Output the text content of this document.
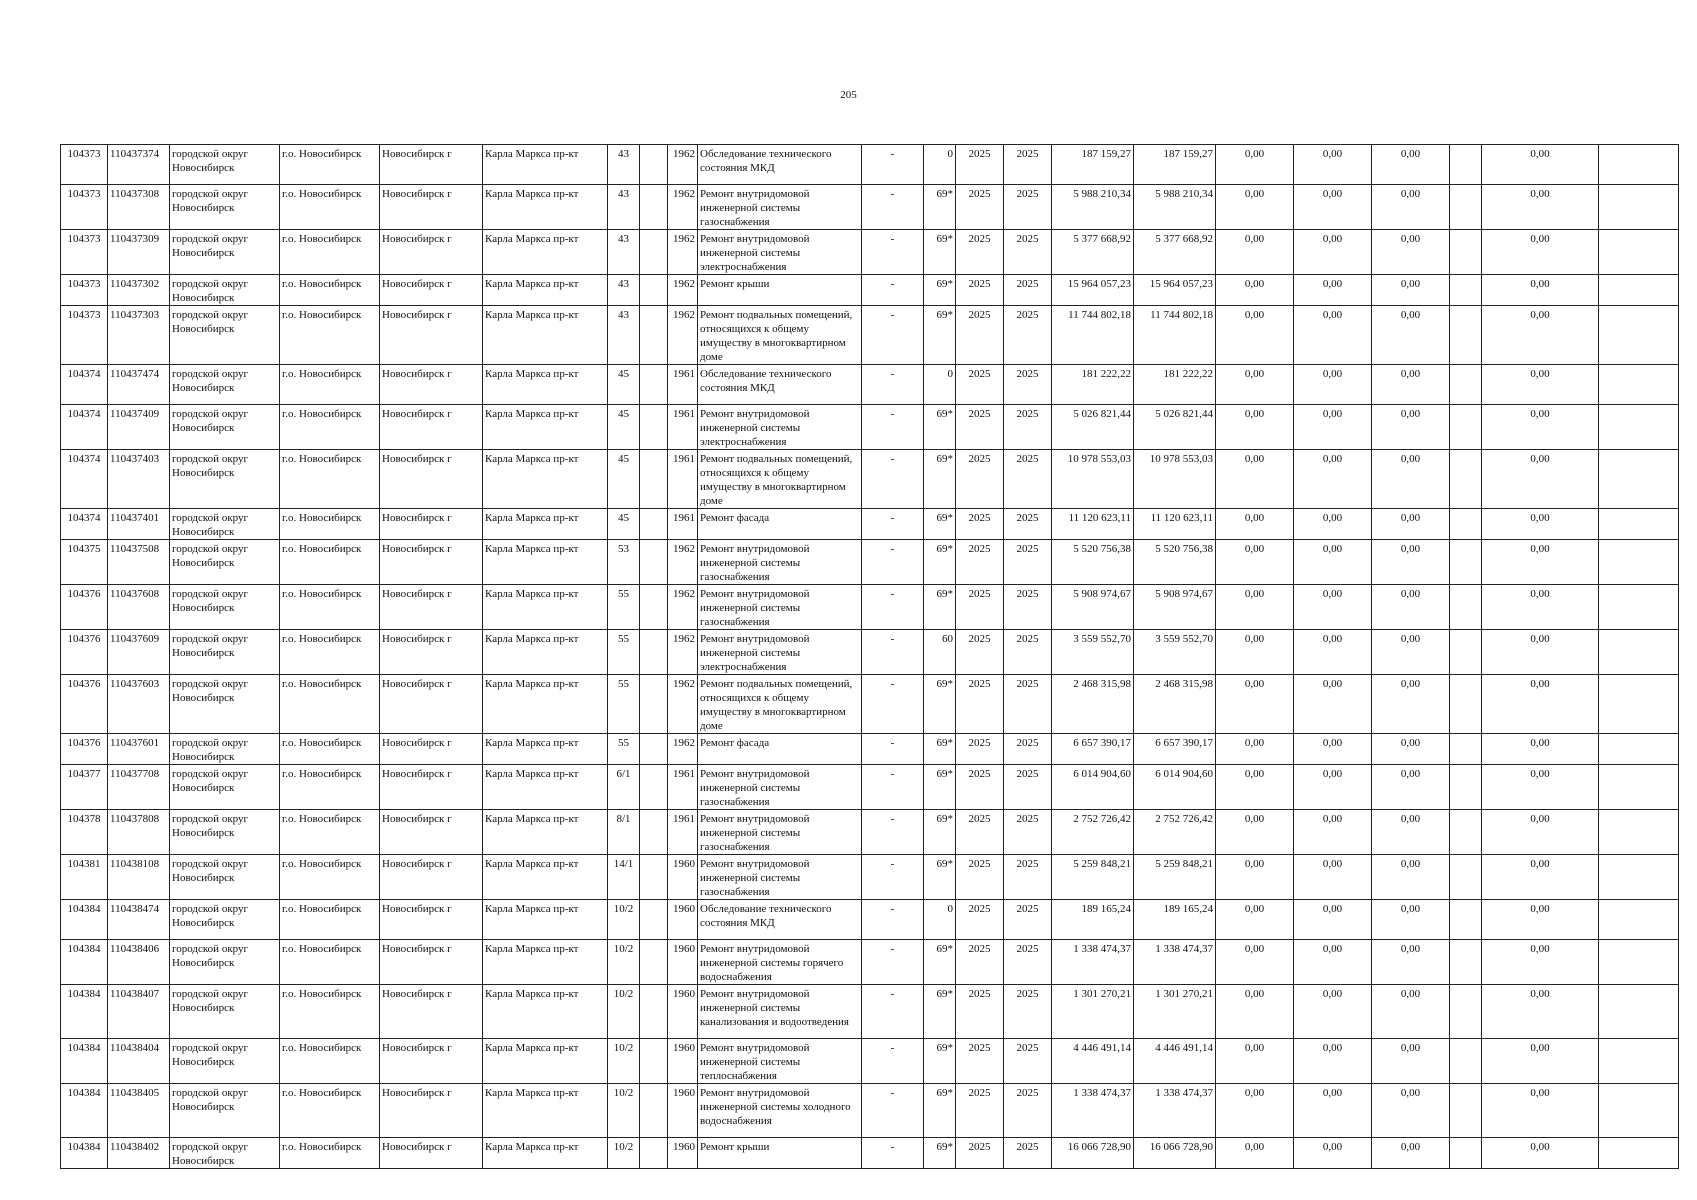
205
104373	110437374	городской округ Новосибирск	г.о. Новосибирск	Новосибирск г	Карла Маркса пр-кт	43		1962	Обследование технического состояния МКД	-	0	2025	2025	187 159,27	187 159,27	0,00	0,00	0,00		0,00	
104373	110437308	городской округ Новосибирск	г.о. Новосибирск	Новосибирск г	Карла Маркса пр-кт	43		1962	Ремонт внутридомовой инженерной системы газоснабжения	-	69*	2025	2025	5 988 210,34	5 988 210,34	0,00	0,00	0,00		0,00	
104373	110437309	городской округ Новосибирск	г.о. Новосибирск	Новосибирск г	Карла Маркса пр-кт	43		1962	Ремонт внутридомовой инженерной системы электроснабжения	-	69*	2025	2025	5 377 668,92	5 377 668,92	0,00	0,00	0,00		0,00	
104373	110437302	городской округ Новосибирск	г.о. Новосибирск	Новосибирск г	Карла Маркса пр-кт	43		1962	Ремонт крыши	-	69*	2025	2025	15 964 057,23	15 964 057,23	0,00	0,00	0,00		0,00	
104373	110437303	городской округ Новосибирск	г.о. Новосибирск	Новосибирск г	Карла Маркса пр-кт	43		1962	Ремонт подвальных помещений, относящихся к общему имуществу в многоквартирном доме	-	69*	2025	2025	11 744 802,18	11 744 802,18	0,00	0,00	0,00		0,00	
104374	110437474	городской округ Новосибирск	г.о. Новосибирск	Новосибирск г	Карла Маркса пр-кт	45		1961	Обследование технического состояния МКД	-	0	2025	2025	181 222,22	181 222,22	0,00	0,00	0,00		0,00	
104374	110437409	городской округ Новосибирск	г.о. Новосибирск	Новосибирск г	Карла Маркса пр-кт	45		1961	Ремонт внутридомовой инженерной системы электроснабжения	-	69*	2025	2025	5 026 821,44	5 026 821,44	0,00	0,00	0,00		0,00	
104374	110437403	городской округ Новосибирск	г.о. Новосибирск	Новосибирск г	Карла Маркса пр-кт	45		1961	Ремонт подвальных помещений, относящихся к общему имуществу в многоквартирном доме	-	69*	2025	2025	10 978 553,03	10 978 553,03	0,00	0,00	0,00		0,00	
104374	110437401	городской округ Новосибирск	г.о. Новосибирск	Новосибирск г	Карла Маркса пр-кт	45		1961	Ремонт фасада	-	69*	2025	2025	11 120 623,11	11 120 623,11	0,00	0,00	0,00		0,00	
104375	110437508	городской округ Новосибирск	г.о. Новосибирск	Новосибирск г	Карла Маркса пр-кт	53		1962	Ремонт внутридомовой инженерной системы газоснабжения	-	69*	2025	2025	5 520 756,38	5 520 756,38	0,00	0,00	0,00		0,00	
104376	110437608	городской округ Новосибирск	г.о. Новосибирск	Новосибирск г	Карла Маркса пр-кт	55		1962	Ремонт внутридомовой инженерной системы газоснабжения	-	69*	2025	2025	5 908 974,67	5 908 974,67	0,00	0,00	0,00		0,00	
104376	110437609	городской округ Новосибирск	г.о. Новосибирск	Новосибирск г	Карла Маркса пр-кт	55		1962	Ремонт внутридомовой инженерной системы электроснабжения	-	60	2025	2025	3 559 552,70	3 559 552,70	0,00	0,00	0,00		0,00	
104376	110437603	городской округ Новосибирск	г.о. Новосибирск	Новосибирск г	Карла Маркса пр-кт	55		1962	Ремонт подвальных помещений, относящихся к общему имуществу в многоквартирном доме	-	69*	2025	2025	2 468 315,98	2 468 315,98	0,00	0,00	0,00		0,00	
104376	110437601	городской округ Новосибирск	г.о. Новосибирск	Новосибирск г	Карла Маркса пр-кт	55		1962	Ремонт фасада	-	69*	2025	2025	6 657 390,17	6 657 390,17	0,00	0,00	0,00		0,00	
104377	110437708	городской округ Новосибирск	г.о. Новосибирск	Новосибирск г	Карла Маркса пр-кт	6/1		1961	Ремонт внутридомовой инженерной системы газоснабжения	-	69*	2025	2025	6 014 904,60	6 014 904,60	0,00	0,00	0,00		0,00	
104378	110437808	городской округ Новосибирск	г.о. Новосибирск	Новосибирск г	Карла Маркса пр-кт	8/1		1961	Ремонт внутридомовой инженерной системы газоснабжения	-	69*	2025	2025	2 752 726,42	2 752 726,42	0,00	0,00	0,00		0,00	
104381	110438108	городской округ Новосибирск	г.о. Новосибирск	Новосибирск г	Карла Маркса пр-кт	14/1		1960	Ремонт внутридомовой инженерной системы газоснабжения	-	69*	2025	2025	5 259 848,21	5 259 848,21	0,00	0,00	0,00		0,00	
104384	110438474	городской округ Новосибирск	г.о. Новосибирск	Новосибирск г	Карла Маркса пр-кт	10/2		1960	Обследование технического состояния МКД	-	0	2025	2025	189 165,24	189 165,24	0,00	0,00	0,00		0,00	
104384	110438406	городской округ Новосибирск	г.о. Новосибирск	Новосибирск г	Карла Маркса пр-кт	10/2		1960	Ремонт внутридомовой инженерной системы горячего водоснабжения	-	69*	2025	2025	1 338 474,37	1 338 474,37	0,00	0,00	0,00		0,00	
104384	110438407	городской округ Новосибирск	г.о. Новосибирск	Новосибирск г	Карла Маркса пр-кт	10/2		1960	Ремонт внутридомовой инженерной системы канализования и водоотведения	-	69*	2025	2025	1 301 270,21	1 301 270,21	0,00	0,00	0,00		0,00	
104384	110438404	городской округ Новосибирск	г.о. Новосибирск	Новосибирск г	Карла Маркса пр-кт	10/2		1960	Ремонт внутридомовой инженерной системы теплоснабжения	-	69*	2025	2025	4 446 491,14	4 446 491,14	0,00	0,00	0,00		0,00	
104384	110438405	городской округ Новосибирск	г.о. Новосибирск	Новосибирск г	Карла Маркса пр-кт	10/2		1960	Ремонт внутридомовой инженерной системы холодного водоснабжения	-	69*	2025	2025	1 338 474,37	1 338 474,37	0,00	0,00	0,00		0,00	
104384	110438402	городской округ Новосибирск	г.о. Новосибирск	Новосибирск г	Карла Маркса пр-кт	10/2		1960	Ремонт крыши	-	69*	2025	2025	16 066 728,90	16 066 728,90	0,00	0,00	0,00		0,00	
